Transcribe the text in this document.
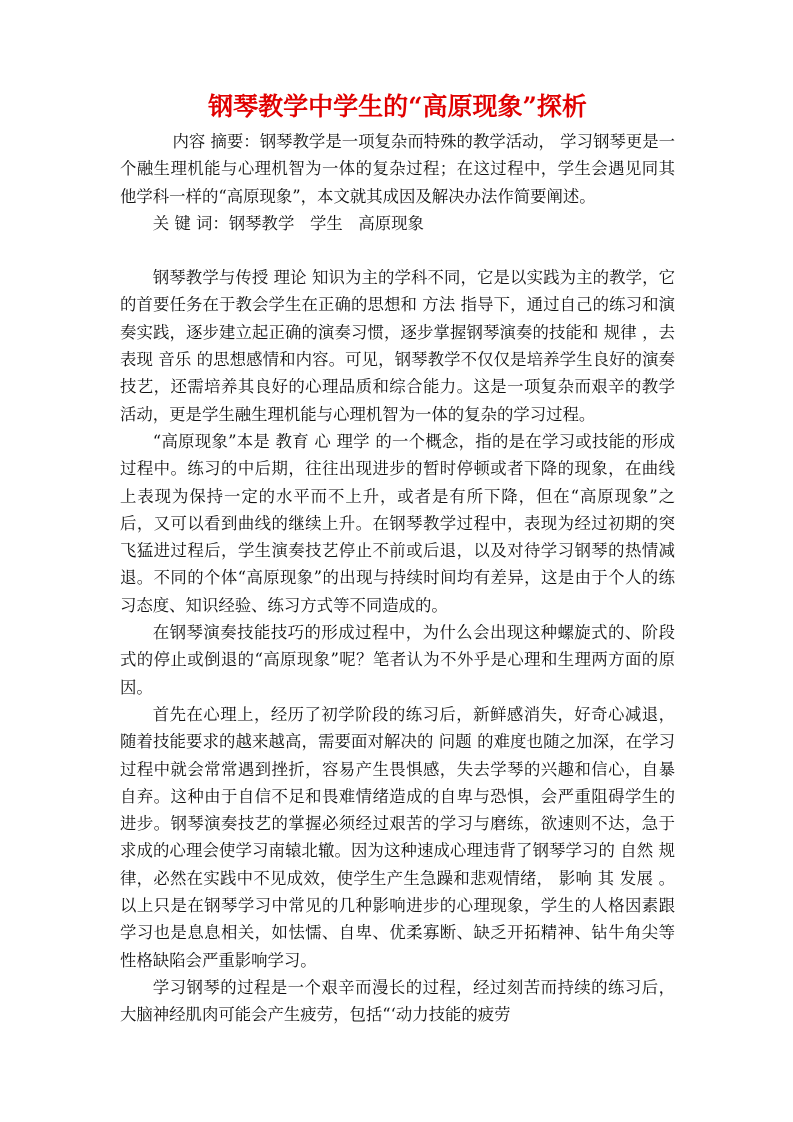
钢琴教学中学生的“高原现象”探析

内容 摘要：钢琴教学是一项复杂而特殊的教学活动， 学习钢琴更是一个融生理机能与心理机智为一体的复杂过程；在这过程中，学生会遇见同其他学科一样的“高原现象”，本文就其成因及解决办法作简要阐述。

关 键 词：钢琴教学   学生   高原现象

钢琴教学与传授 理论 知识为主的学科不同，它是以实践为主的教学，它的首要任务在于教会学生在正确的思想和 方法 指导下，通过自己的练习和演奏实践，逐步建立起正确的演奏习惯，逐步掌握钢琴演奏的技能和 规律 ，去表现 音乐 的思想感情和内容。可见，钢琴教学不仅仅是培养学生良好的演奏技艺，还需培养其良好的心理品质和综合能力。这是一项复杂而艰辛的教学活动，更是学生融生理机能与心理机智为一体的复杂的学习过程。

“高原现象”本是 教育 心 理学 的一个概念，指的是在学习或技能的形成过程中。练习的中后期，往往出现进步的暂时停顿或者下降的现象，在曲线上表现为保持一定的水平而不上升，或者是有所下降，但在“高原现象”之后，又可以看到曲线的继续上升。在钢琴教学过程中，表现为经过初期的突飞猛进过程后，学生演奏技艺停止不前或后退，以及对待学习钢琴的热情减退。不同的个体“高原现象”的出现与持续时间均有差异，这是由于个人的练习态度、知识经验、练习方式等不同造成的。

在钢琴演奏技能技巧的形成过程中，为什么会出现这种螺旋式的、阶段式的停止或倒退的“高原现象”呢？笔者认为不外乎是心理和生理两方面的原因。

首先在心理上，经历了初学阶段的练习后，新鲜感消失，好奇心减退，随着技能要求的越来越高，需要面对解决的 问题 的难度也随之加深，在学习过程中就会常常遇到挫折，容易产生畏惧感，失去学琴的兴趣和信心，自暴自弃。这种由于自信不足和畏难情绪造成的自卑与恐惧，会严重阻碍学生的进步。钢琴演奏技艺的掌握必须经过艰苦的学习与磨练，欲速则不达，急于求成的心理会使学习南辕北辙。因为这种速成心理违背了钢琴学习的 自然 规律，必然在实践中不见成效，使学生产生急躁和悲观情绪， 影响 其 发展 。以上只是在钢琴学习中常见的几种影响进步的心理现象，学生的人格因素跟学习也是息息相关，如怯懦、自卑、优柔寡断、缺乏开拓精神、钻牛角尖等性格缺陷会严重影响学习。

学习钢琴的过程是一个艰辛而漫长的过程，经过刻苦而持续的练习后，大脑神经肌肉可能会产生疲劳，包括“‘动力技能的疲劳
